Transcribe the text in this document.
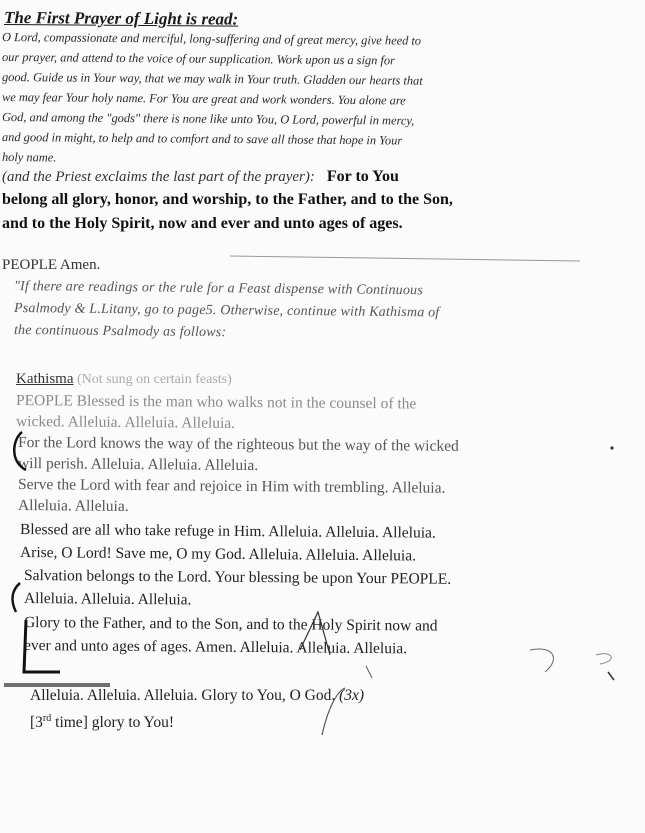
The First Prayer of Light is read:
O Lord, compassionate and merciful, long-suffering and of great mercy, give heed to
our prayer, and attend to the voice of our supplication. Work upon us a sign for
good. Guide us in Your way, that we may walk in Your truth. Gladden our hearts that
we may fear Your holy name. For You are great and work wonders. You alone are
God, and among the "gods" there is none like unto You, O Lord, powerful in mercy,
and good in might, to help and to comfort and to save all those that hope in Your
holy name.
(and the Priest exclaims the last part of the prayer): For to You
belong all glory, honor, and worship, to the Father, and to the Son,
and to the Holy Spirit, now and ever and unto ages of ages.
PEOPLE Amen.
"If there are readings or the rule for a Feast dispense with Continuous
Psalmody & L.Litany, go to page5. Otherwise, continue with Kathisma of
the continuous Psalmody as follows:
Kathisma (Not sung on certain feasts)
PEOPLE Blessed is the man who walks not in the counsel of the
wicked. Alleluia. Alleluia. Alleluia.
For the Lord knows the way of the righteous but the way of the wicked
will perish. Alleluia. Alleluia. Alleluia.
Serve the Lord with fear and rejoice in Him with trembling. Alleluia.
Alleluia. Alleluia.
Blessed are all who take refuge in Him. Alleluia. Alleluia. Alleluia.
Arise, O Lord! Save me, O my God. Alleluia. Alleluia. Alleluia.
Salvation belongs to the Lord. Your blessing be upon Your PEOPLE.
Alleluia. Alleluia. Alleluia.
Glory to the Father, and to the Son, and to the Holy Spirit now and
ever and unto ages of ages. Amen. Alleluia. Alleluia. Alleluia.
Alleluia. Alleluia. Alleluia. Glory to You, O God. (3x)
[3rd time] glory to You!
